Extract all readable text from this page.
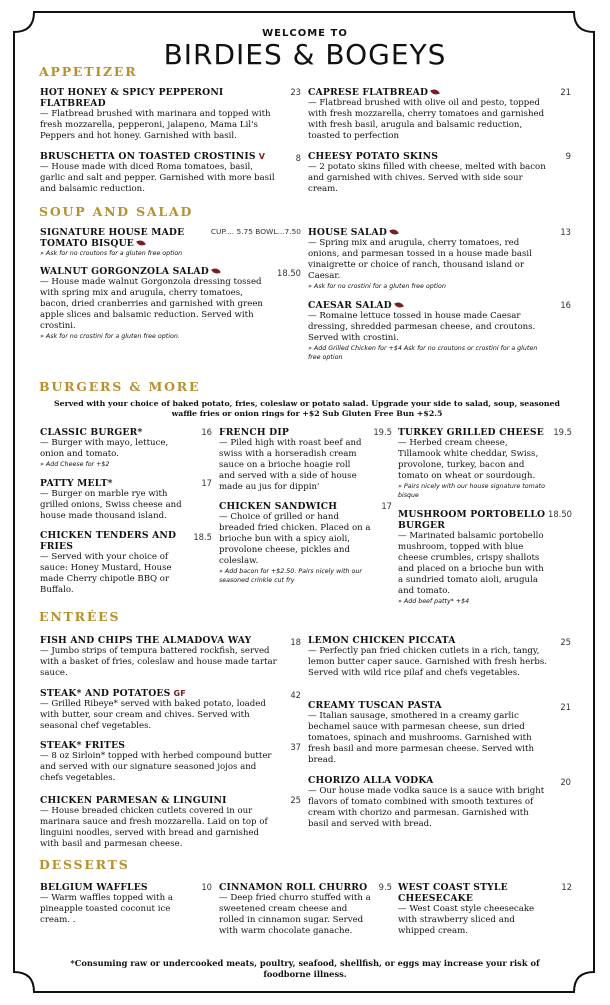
WELCOME TO
BIRDIES & BOGEYS
APPETIZER
HOT HONEY & SPICY PEPPERONI FLATBREAD
— Flatbread brushed with marinara and topped with fresh mozzarella, pepperoni, jalapeno, Mama Lil's Peppers and hot honey. Garnished with basil.
23
BRUSCHETTA ON TOASTED CROSTINIS V
— House made with diced Roma tomatoes, basil, garlic and salt and pepper. Garnished with more basil and balsamic reduction.
8
CAPRESE FLATBREAD
— Flatbread brushed with olive oil and pesto, topped with fresh mozzarella, cherry tomatoes and garnished with fresh basil, arugula and balsamic reduction, toasted to perfection
21
CHEESY POTATO SKINS
— 2 potato skins filled with cheese, melted with bacon and garnished with chives. Served with side sour cream.
9
SOUP AND SALAD
SIGNATURE HOUSE MADE TOMATO BISQUE
» Ask for no croutons for a gluten free option
CUP.... 5.75 BOWL...7.50
WALNUT GORGONZOLA SALAD
— House made walnut Gorgonzola dressing tossed with spring mix and arugula, cherry tomatoes, bacon, dried cranberries and garnished with green apple slices and balsamic reduction. Served with crostini.
» Ask for no crostini for a gluten free option.
18.50
HOUSE SALAD
— Spring mix and arugula, cherry tomatoes, red onions, and parmesan tossed in a house made basil vinaigrette or choice of ranch, thousand island or Caesar.
» Ask for no crostini for a gluten free option
13
CAESAR SALAD
— Romaine lettuce tossed in house made Caesar dressing, shredded parmesan cheese, and croutons. Served with crostini.
» Add Grilled Chicken for +$4 Ask for no croutons or crostini for a gluten free option
16
BURGERS & MORE
Served with your choice of baked potato, fries, coleslaw or potato salad. Upgrade your side to salad, soup, seasoned waffle fries or onion rings for +$2 Sub Gluten Free Bun +$2.5
CLASSIC BURGER*
— Burger with mayo, lettuce, onion and tomato.
» Add Cheese for +$2
16
PATTY MELT*
— Burger on marble rye with grilled onions, Swiss cheese and house made thousand island.
17
CHICKEN TENDERS AND FRIES
— Served with your choice of sauce: Honey Mustard, House made Cherry chipotle BBQ or Buffalo.
18.5
FRENCH DIP
— Piled high with roast beef and swiss with a horseradish cream sauce on a brioche hoagie roll and served with a side of house made au jus for dippin'
19.5
CHICKEN SANDWICH
— Choice of grilled or hand breaded fried chicken. Placed on a brioche bun with a spicy aioli, provolone cheese, pickles and coleslaw.
» Add bacon for +$2.50. Pairs nicely with our seasoned crinkle cut fry
17
TURKEY GRILLED CHEESE
— Herbed cream cheese, Tillamook white cheddar, Swiss, provolone, turkey, bacon and tomato on wheat or sourdough.
» Pairs nicely with our house signature tomato bisque
19.5
MUSHROOM PORTOBELLO BURGER
— Marinated balsamic portobello mushroom, topped with blue cheese crumbles, crispy shallots and placed on a brioche bun with a sundried tomato aioli, arugula and tomato.
» Add beef patty* +$4
18.50
ENTRÉES
FISH AND CHIPS THE ALMADOVA WAY
— Jumbo strips of tempura battered rockfish, served with a basket of fries, coleslaw and house made tartar sauce.
18
STEAK* AND POTATOES GF
— Grilled Ribeye* served with baked potato, loaded with butter, sour cream and chives. Served with seasonal chef vegetables.
42
STEAK* FRITES
— 8 oz Sirloin* topped with herbed compound butter and served with our signature seasoned jojos and chefs vegetables.
37
CHICKEN PARMESAN & LINGUINI
— House breaded chicken cutlets covered in our marinara sauce and fresh mozzarella. Laid on top of linguini noodles, served with bread and garnished with basil and parmesan cheese.
25
LEMON CHICKEN PICCATA
— Perfectly pan fried chicken cutlets in a rich, tangy, lemon butter caper sauce. Garnished with fresh herbs. Served with wild rice pilaf and chefs vegetables.
25
CREAMY TUSCAN PASTA
— Italian sausage, smothered in a creamy garlic bechamel sauce with parmesan cheese, sun dried tomatoes, spinach and mushrooms. Garnished with fresh basil and more parmesan cheese. Served with bread.
21
CHORIZO ALLA VODKA
— Our house made vodka sauce is a sauce with bright flavors of tomato combined with smooth textures of cream with chorizo and parmesan. Garnished with basil and served with bread.
20
DESSERTS
BELGIUM WAFFLES
— Warm waffles topped with a pineapple toasted coconut ice cream. .
10 CINNAMON ROLL CHURRO
— Deep fried churro stuffed with a sweetened cream cheese and rolled in cinnamon sugar. Served with warm chocolate ganache.
9.5 WEST COAST STYLE CHEESECAKE
— West Coast style cheesecake with strawberry sliced and whipped cream.
12
*Consuming raw or undercooked meats, poultry, seafood, shellfish, or eggs may increase your risk of foodborne illness.
